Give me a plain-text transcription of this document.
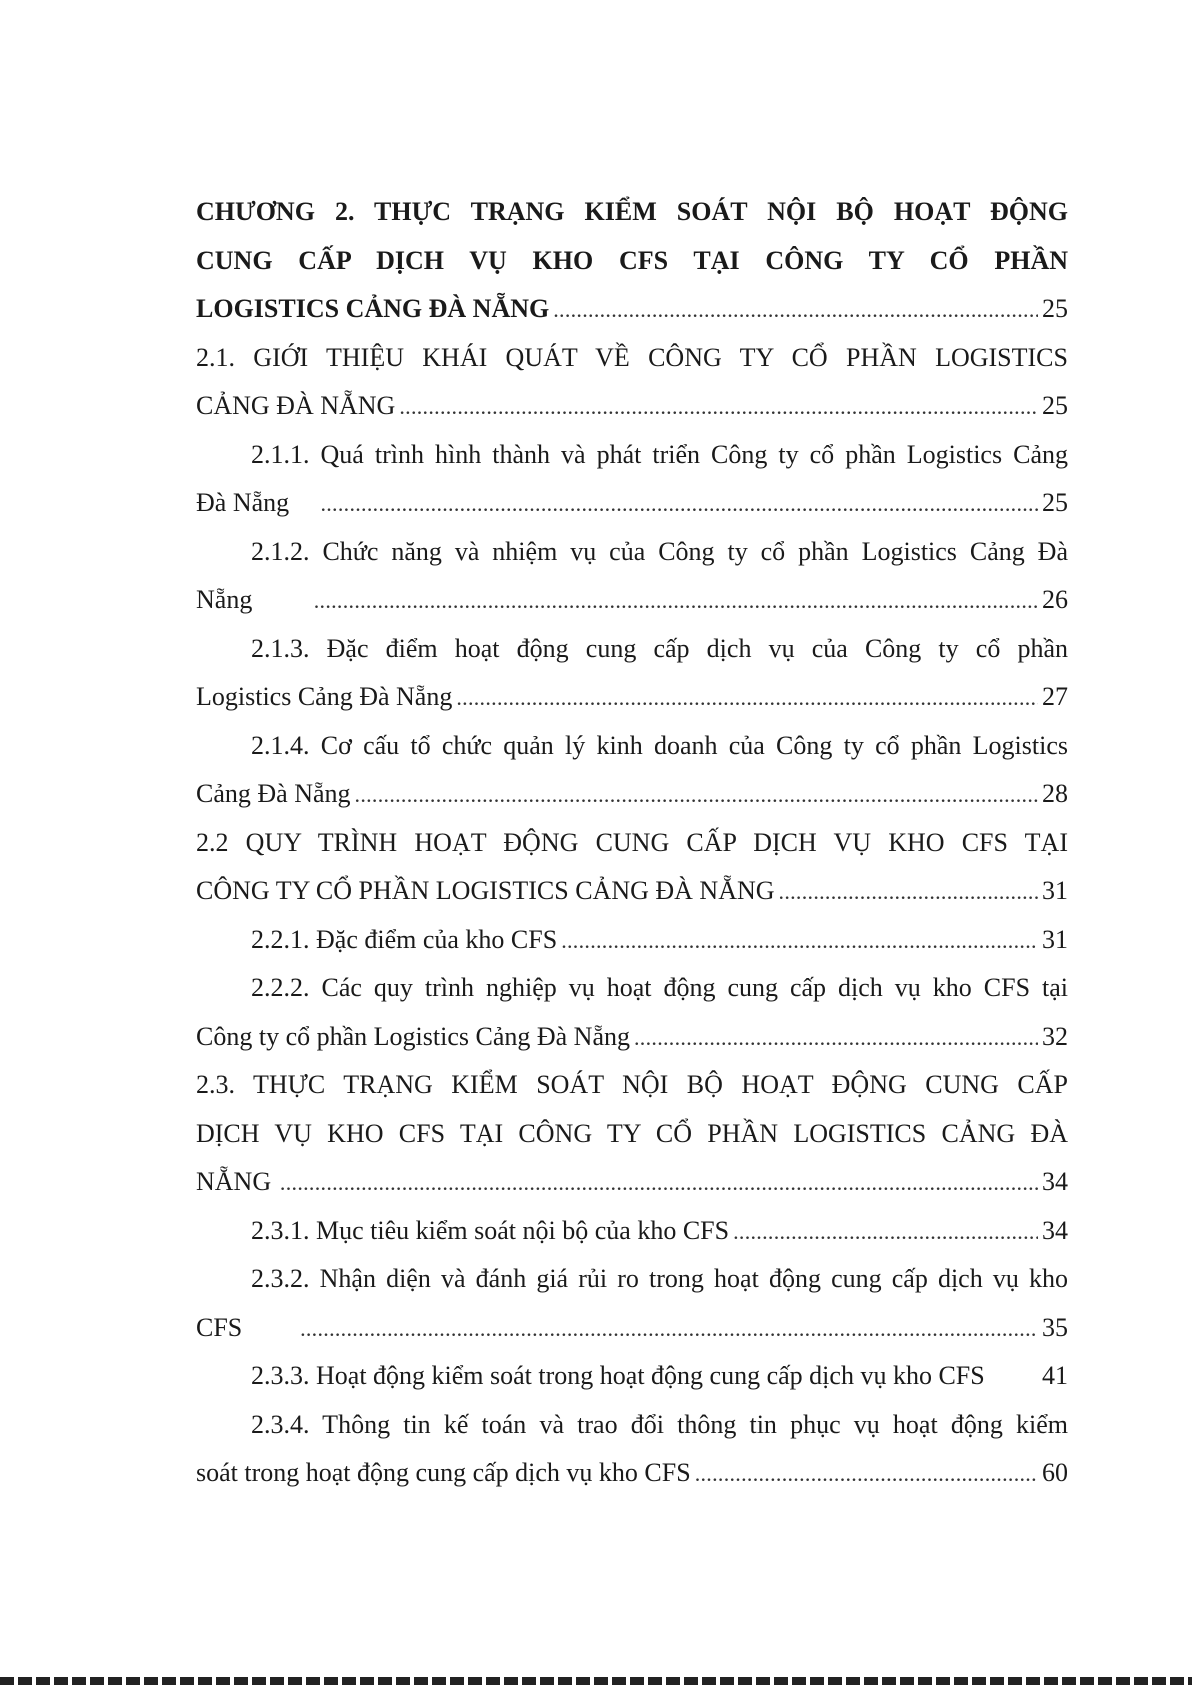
CHƯƠNG 2. THỰC TRẠNG KIỂM SOÁT NỘI BỘ HOẠT ĐỘNG
CUNG CẤP DỊCH VỤ KHO CFS TẠI CÔNG TY CỔ PHẦN
LOGISTICS CẢNG ĐÀ NẴNG . . .	25
2.1. GIỚI THIỆU KHÁI QUÁT VỀ CÔNG TY CỔ PHẦN LOGISTICS
CẢNG ĐÀ NẴNG . . .	25
2.1.1. Quá trình hình thành và phát triển Công ty cổ phần Logistics Cảng
Đà Nẵng . . .	25
2.1.2. Chức năng và nhiệm vụ của Công ty cổ phần Logistics Cảng Đà
Nẵng . . .	26
2.1.3. Đặc điểm hoạt động cung cấp dịch vụ của Công ty cổ phần
Logistics Cảng Đà Nẵng . . .	27
2.1.4. Cơ cấu tổ chức quản lý kinh doanh của Công ty cổ phần Logistics
Cảng Đà Nẵng . . .	28
2.2 QUY TRÌNH HOẠT ĐỘNG CUNG CẤP DỊCH VỤ KHO CFS TẠI
CÔNG TY CỔ PHẦN LOGISTICS CẢNG ĐÀ NẴNG . . .	31
2.2.1. Đặc điểm của kho CFS . . .	31
2.2.2. Các quy trình nghiệp vụ hoạt động cung cấp dịch vụ kho CFS tại
Công ty cổ phần Logistics Cảng Đà Nẵng . . .	32
2.3. THỰC TRẠNG KIỂM SOÁT NỘI BỘ HOẠT ĐỘNG CUNG CẤP
DỊCH VỤ KHO CFS TẠI CÔNG TY CỔ PHẦN LOGISTICS CẢNG ĐÀ
NẴNG . . .	34
2.3.1. Mục tiêu kiểm soát nội bộ của kho CFS . . .	34
2.3.2. Nhận diện và đánh giá rủi ro trong hoạt động cung cấp dịch vụ kho
CFS . . .	35
2.3.3. Hoạt động kiểm soát trong hoạt động cung cấp dịch vụ kho CFS 41
2.3.4. Thông tin kế toán và trao đổi thông tin phục vụ hoạt động kiểm
soát trong hoạt động cung cấp dịch vụ kho CFS . . .	60
